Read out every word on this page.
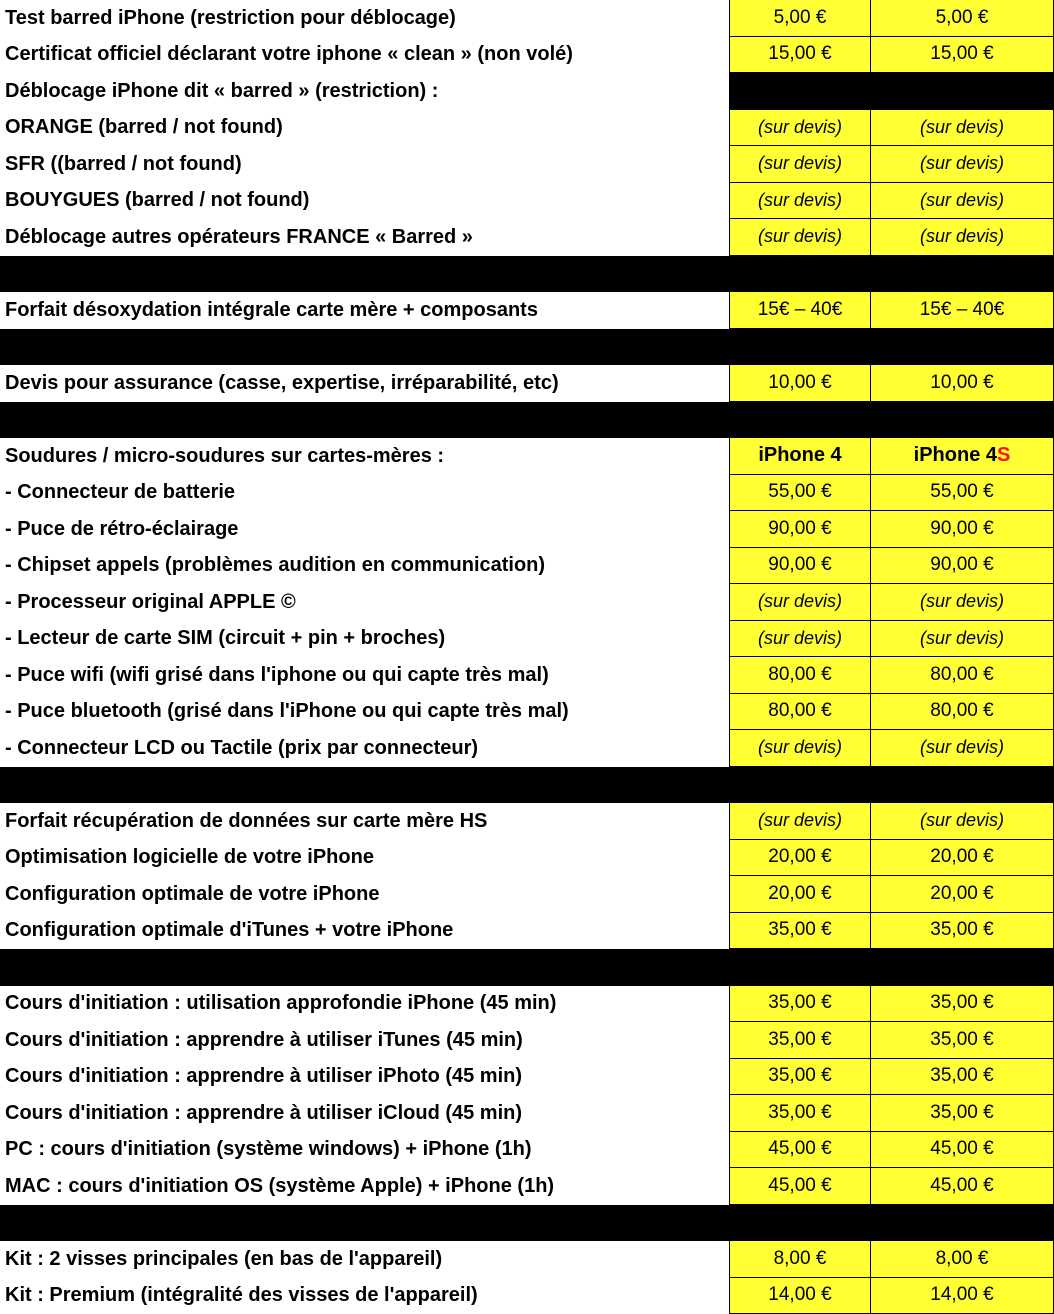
Test barred iPhone (restriction pour déblocage)	5,00 €	5,00 €
Certificat officiel déclarant votre iphone « clean » (non volé)	15,00 €	15,00 €
Déblocage iPhone dit « barred » (restriction) :
ORANGE (barred / not found)	(sur devis)	(sur devis)
SFR ((barred / not found)	(sur devis)	(sur devis)
BOUYGUES (barred / not found)	(sur devis)	(sur devis)
Déblocage autres opérateurs FRANCE « Barred »	(sur devis)	(sur devis)
Forfait désoxydation intégrale carte mère + composants	15€ – 40€	15€ – 40€
Devis pour assurance (casse, expertise, irréparabilité, etc)	10,00 €	10,00 €
Soudures / micro-soudures sur cartes-mères :	iPhone 4	iPhone 4 S
- Connecteur de batterie	55,00 €	55,00 €
- Puce de rétro-éclairage	90,00 €	90,00 €
- Chipset appels (problèmes audition en communication)	90,00 €	90,00 €
- Processeur original APPLE ©	(sur devis)	(sur devis)
- Lecteur de carte SIM (circuit + pin + broches)	(sur devis)	(sur devis)
- Puce wifi (wifi grisé dans l'iphone ou qui capte très mal)	80,00 €	80,00 €
- Puce bluetooth (grisé dans l'iPhone ou qui capte très mal)	80,00 €	80,00 €
- Connecteur LCD ou Tactile (prix par connecteur)	(sur devis)	(sur devis)
Forfait récupération de données sur carte mère HS	(sur devis)	(sur devis)
Optimisation logicielle de votre iPhone	20,00 €	20,00 €
Configuration optimale de votre iPhone	20,00 €	20,00 €
Configuration optimale d'iTunes + votre iPhone	35,00 €	35,00 €
Cours d'initiation : utilisation approfondie iPhone (45 min)	35,00 €	35,00 €
Cours d'initiation : apprendre à utiliser iTunes (45 min)	35,00 €	35,00 €
Cours d'initiation : apprendre à utiliser iPhoto (45 min)	35,00 €	35,00 €
Cours d'initiation : apprendre à utiliser iCloud (45 min)	35,00 €	35,00 €
PC : cours d'initiation (système windows) + iPhone (1h)	45,00 €	45,00 €
MAC : cours d'initiation OS (système Apple) + iPhone (1h)	45,00 €	45,00 €
Kit : 2 visses principales (en bas de l'appareil)	8,00 €	8,00 €
Kit : Premium (intégralité des visses de l'appareil)	14,00 €	14,00 €
